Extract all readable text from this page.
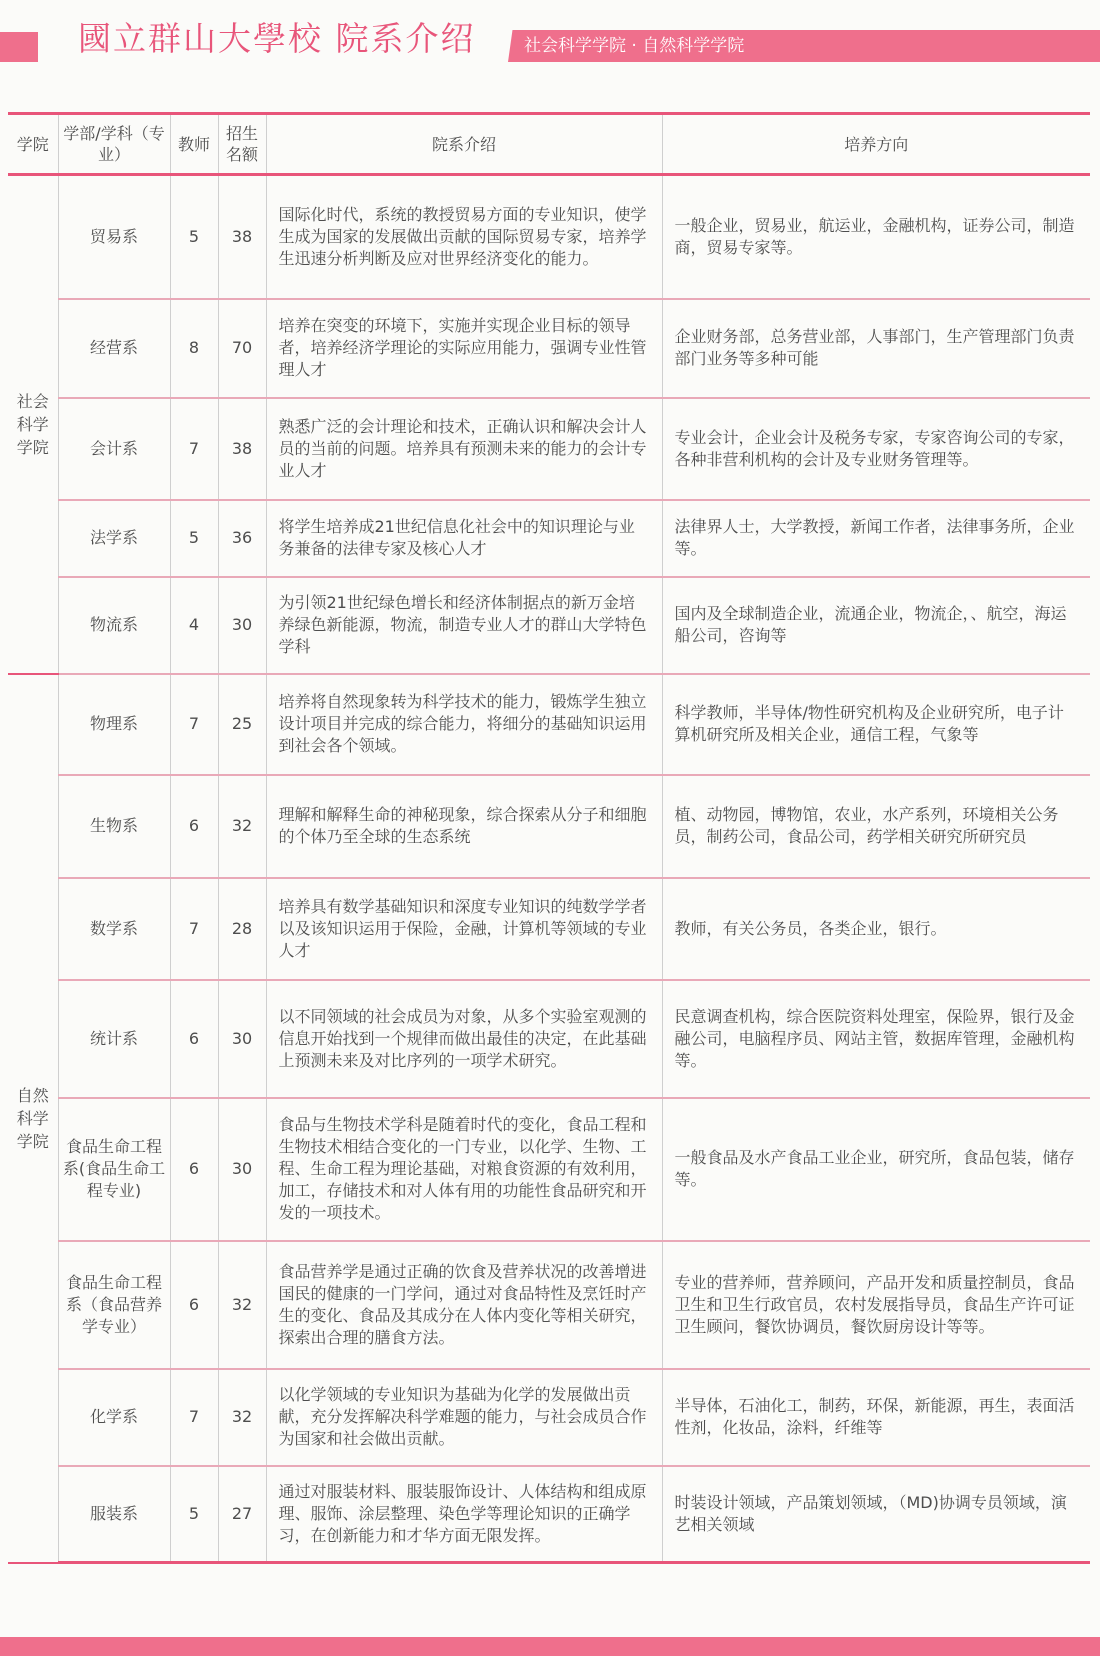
國立群山大學校 院系介绍	社会科学学院 · 自然科学学院
学院	学部/学科（专业）	教师	招生名额	院系介绍	培养方向
社会科学学院	贸易系	5	38	国际化时代，系统的教授贸易方面的专业知识，使学生成为国家的发展做出贡献的国际贸易专家，培养学生迅速分析判断及应对世界经济变化的能力。	一般企业，贸易业，航运业，金融机构，证券公司，制造商，贸易专家等。
	经营系	8	70	培养在突变的环境下，实施并实现企业目标的领导者，培养经济学理论的实际应用能力，强调专业性管理人才	企业财务部，总务营业部，人事部门，生产管理部门负责部门业务等多种可能
	会计系	7	38	熟悉广泛的会计理论和技术，正确认识和解决会计人员的当前的问题。培养具有预测未来的能力的会计专业人才	专业会计，企业会计及税务专家，专家咨询公司的专家，各种非营利机构的会计及专业财务管理等。
	法学系	5	36	将学生培养成21世纪信息化社会中的知识理论与业务兼备的法律专家及核心人才	法律界人士，大学教授，新闻工作者，法律事务所，企业等。
	物流系	4	30	为引领21世纪绿色增长和经济体制据点的新万金培养绿色新能源，物流，制造专业人才的群山大学特色学科	国内及全球制造企业，流通企业，物流企，、航空，海运船公司，咨询等
自然科学学院	物理系	7	25	培养将自然现象转为科学技术的能力，锻炼学生独立设计项目并完成的综合能力，将细分的基础知识运用到社会各个领域。	科学教师，半导体/物性研究机构及企业研究所，电子计算机研究所及相关企业，通信工程，气象等
	生物系	6	32	理解和解释生命的神秘现象，综合探索从分子和细胞的个体乃至全球的生态系统	植、动物园，博物馆，农业，水产系列，环境相关公务员，制药公司，食品公司，药学相关研究所研究员
	数学系	7	28	培养具有数学基础知识和深度专业知识的纯数学学者以及该知识运用于保险，金融，计算机等领域的专业人才	教师，有关公务员，各类企业，银行。
	统计系	6	30	以不同领域的社会成员为对象，从多个实验室观测的信息开始找到一个规律而做出最佳的决定，在此基础上预测未来及对比序列的一项学术研究。	民意调查机构，综合医院资料处理室，保险界，银行及金融公司，电脑程序员、网站主管，数据库管理，金融机构等。
	食品生命工程系(食品生命工程专业)	6	30	食品与生物技术学科是随着时代的变化，食品工程和生物技术相结合变化的一门专业，以化学、生物、工程、生命工程为理论基础，对粮食资源的有效利用，加工，存储技术和对人体有用的功能性食品研究和开发的一项技术。	一般食品及水产食品工业企业，研究所，食品包装，储存等。
	食品生命工程系（食品营养学专业）	6	32	食品营养学是通过正确的饮食及营养状况的改善增进国民的健康的一门学问，通过对食品特性及烹饪时产生的变化、食品及其成分在人体内变化等相关研究，探索出合理的膳食方法。	专业的营养师，营养顾问，产品开发和质量控制员，食品卫生和卫生行政官员，农村发展指导员，食品生产许可证卫生顾问，餐饮协调员，餐饮厨房设计等等。
	化学系	7	32	以化学领域的专业知识为基础为化学的发展做出贡献，充分发挥解决科学难题的能力，与社会成员合作为国家和社会做出贡献。	半导体，石油化工，制药，环保，新能源，再生，表面活性剂，化妆品，涂料，纤维等
	服装系	5	27	通过对服装材料、服装服饰设计、人体结构和组成原理、服饰、涂层整理、染色学等理论知识的正确学习，在创新能力和才华方面无限发挥。	时装设计领域，产品策划领域，（MD)协调专员领域，演艺相关领域
